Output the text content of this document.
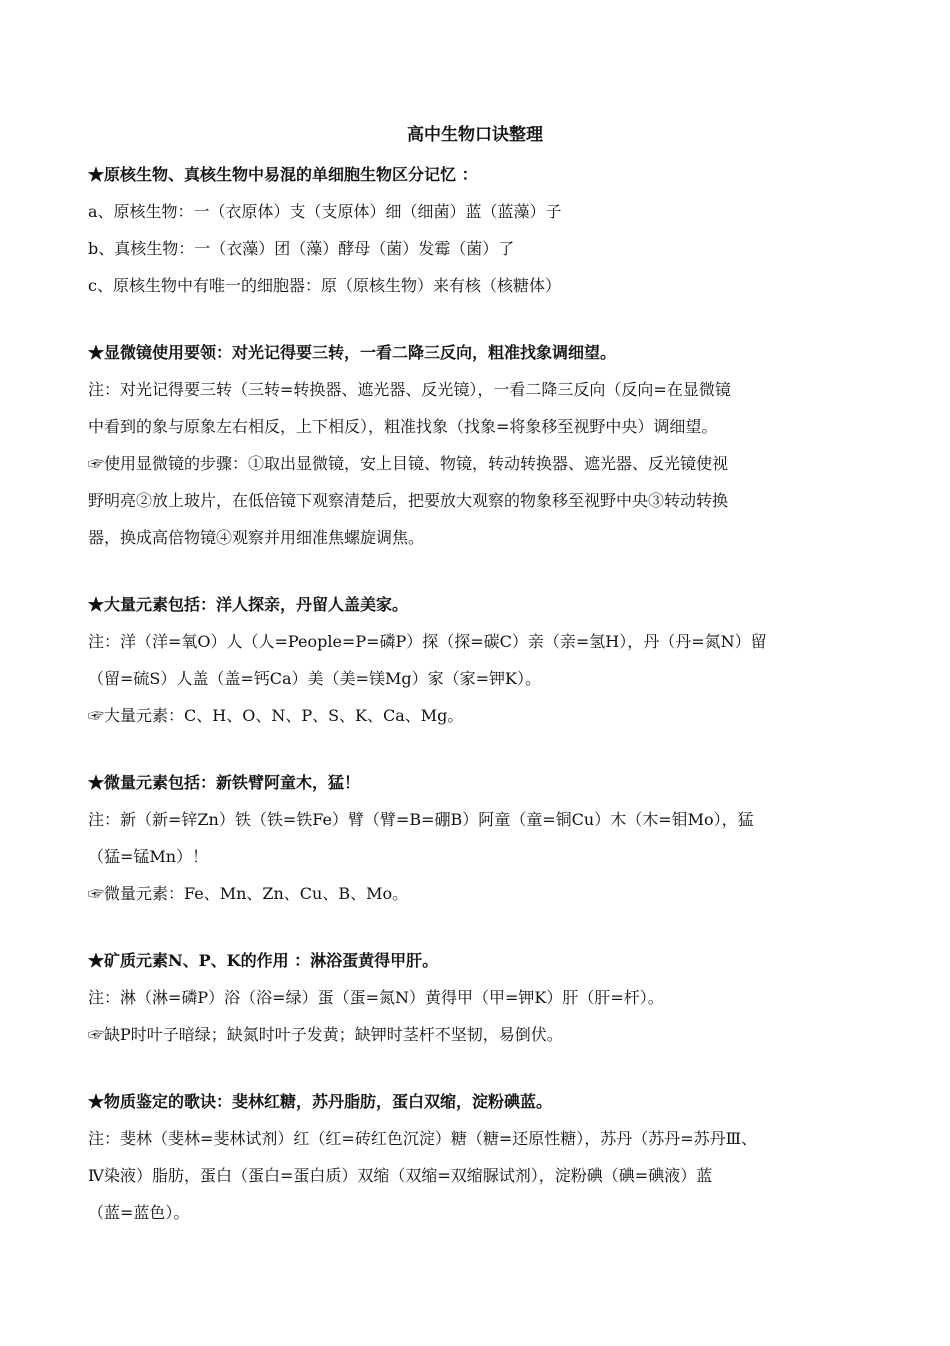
高中生物口诀整理

★原核生物、真核生物中易混的单细胞生物区分记忆 ：

a、原核生物：一（衣原体）支（支原体）细（细菌）蓝（蓝藻）子

b、真核生物：一（衣藻）团（藻）酵母（菌）发霉（菌）了

c、原核生物中有唯一的细胞器：原（原核生物）来有核（核糖体）

★显微镜使用要领：对光记得要三转，一看二降三反向，粗准找象调细望。

注：对光记得要三转（三转=转换器、遮光器、反光镜），一看二降三反向（反向=在显微镜

中看到的象与原象左右相反，上下相反），粗准找象（找象=将象移至视野中央）调细望。

☞使用显微镜的步骤：①取出显微镜，安上目镜、物镜，转动转换器、遮光器、反光镜使视

野明亮②放上玻片，在低倍镜下观察清楚后，把要放大观察的物象移至视野中央③转动转换

器，换成高倍物镜④观察并用细准焦螺旋调焦。

★大量元素包括：洋人探亲，丹留人盖美家。

注：洋（洋=氧O）人（人=People=P=磷P）探（探=碳C）亲（亲=氢H），丹（丹=氮N）留

（留=硫S）人盖（盖=钙Ca）美（美=镁Mg）家（家=钾K）。

☞大量元素：C、H、O、N、P、S、K、Ca、Mg。

★微量元素包括：新铁臂阿童木，猛！

注：新（新=锌Zn）铁（铁=铁Fe）臂（臂=B=硼B）阿童（童=铜Cu）木（木=钼Mo），猛

（猛=锰Mn）！

☞微量元素：Fe、Mn、Zn、Cu、B、Mo。

★矿质元素N、P、K的作用 ：淋浴蛋黄得甲肝。

注：淋（淋=磷P）浴（浴=绿）蛋（蛋=氮N）黄得甲（甲=钾K）肝（肝=杆）。

☞缺P时叶子暗绿；缺氮时叶子发黄；缺钾时茎杆不坚韧，易倒伏。

★物质鉴定的歌诀：斐林红糖，苏丹脂肪，蛋白双缩，淀粉碘蓝。

注：斐林（斐林=斐林试剂）红（红=砖红色沉淀）糖（糖=还原性糖），苏丹（苏丹=苏丹Ⅲ、

Ⅳ染液）脂肪，蛋白（蛋白=蛋白质）双缩（双缩=双缩脲试剂），淀粉碘（碘=碘液）蓝

（蓝=蓝色）。
